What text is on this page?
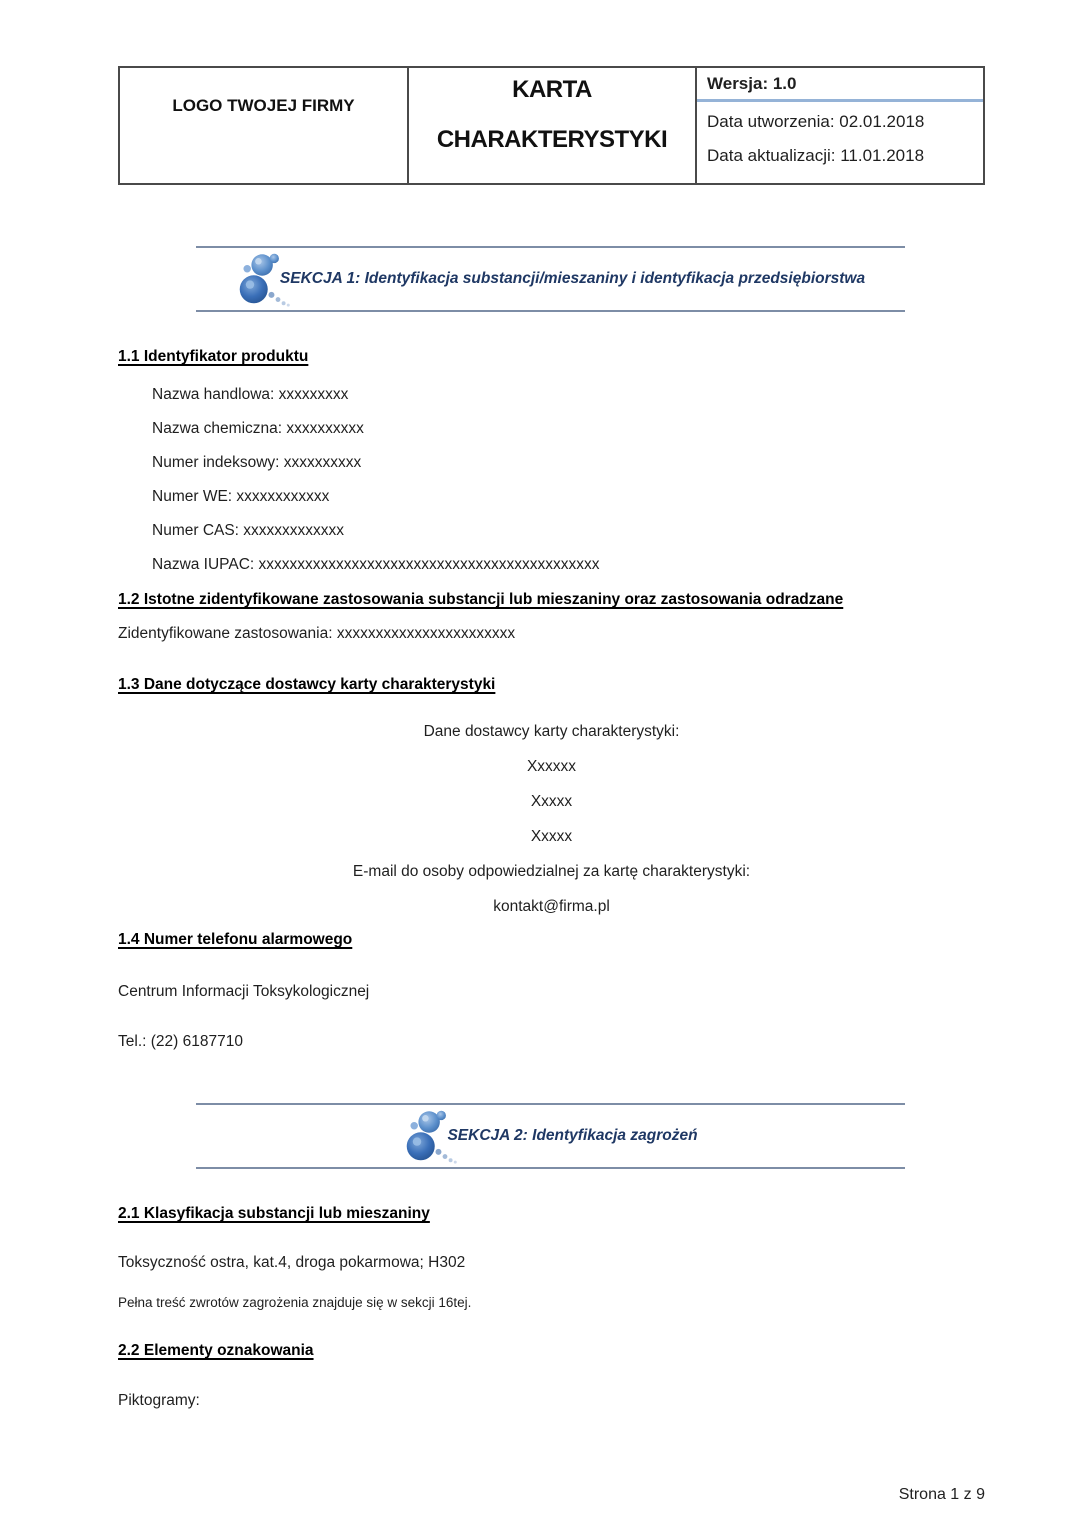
LOGO TWOJEJ FIRMY
KARTA
CHARAKTERYSTYKI
Wersja: 1.0
Data utworzenia: 02.01.2018
Data aktualizacji: 11.01.2018
SEKCJA 1: Identyfikacja substancji/mieszaniny i identyfikacja przedsiębiorstwa
1.1 Identyfikator produktu
Nazwa handlowa: xxxxxxxxx
Nazwa chemiczna: xxxxxxxxxx
Numer indeksowy: xxxxxxxxxx
Numer WE: xxxxxxxxxxxx
Numer CAS: xxxxxxxxxxxxx
Nazwa IUPAC: xxxxxxxxxxxxxxxxxxxxxxxxxxxxxxxxxxxxxxxxxxxx
1.2 Istotne zidentyfikowane zastosowania substancji lub mieszaniny oraz zastosowania odradzane
Zidentyfikowane zastosowania: xxxxxxxxxxxxxxxxxxxxxxx
1.3 Dane dotyczące dostawcy karty charakterystyki
Dane dostawcy karty charakterystyki:
Xxxxxx
Xxxxx
Xxxxx
E-mail do osoby odpowiedzialnej za kartę charakterystyki:
kontakt@firma.pl
1.4 Numer telefonu alarmowego
Centrum Informacji Toksykologicznej
Tel.: (22) 6187710
SEKCJA 2: Identyfikacja zagrożeń
2.1 Klasyfikacja substancji lub mieszaniny
Toksyczność ostra, kat.4, droga pokarmowa; H302
Pełna treść zwrotów zagrożenia znajduje się w sekcji 16tej.
2.2 Elementy oznakowania
Piktogramy:
Strona 1 z 9
